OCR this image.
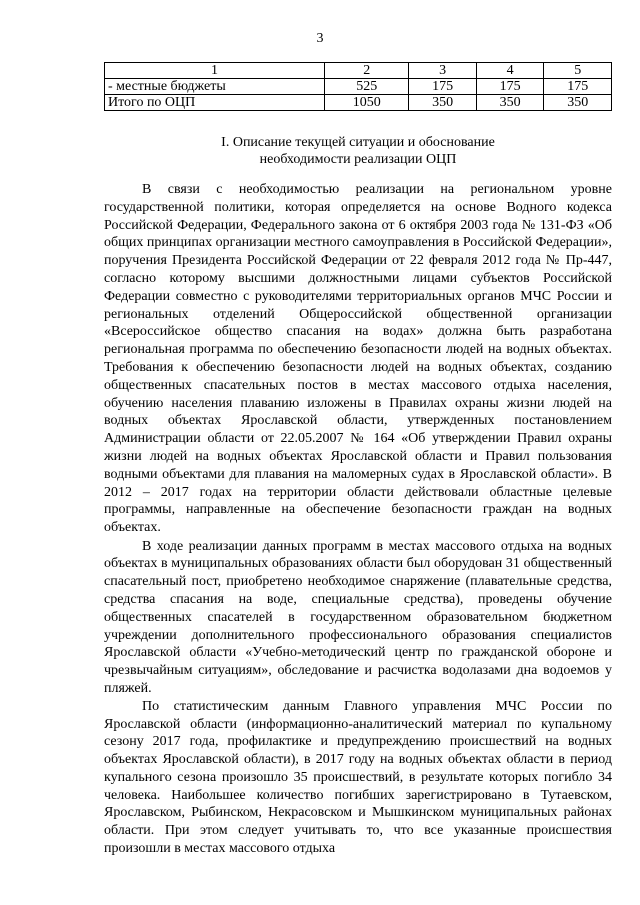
3
1	2	3	4	5
- местные бюджеты	525	175	175	175
Итого по ОЦП	1050	350	350	350
I. Описание текущей ситуации и обоснование
необходимости реализации ОЦП

В связи с необходимостью реализации на региональном уровне государственной политики, которая определяется на основе Водного кодекса Российской Федерации, Федерального закона от 6 октября 2003 года № 131-ФЗ «Об общих принципах организации местного самоуправления в Российской Федерации», поручения Президента Российской Федерации от 22 февраля 2012 года № Пр-447, согласно которому высшими должностными лицами субъектов Российской Федерации совместно с руководителями территориальных органов МЧС России и региональных отделений Общероссийской общественной организации «Всероссийское общество спасания на водах» должна быть разработана региональная программа по обеспечению безопасности людей на водных объектах. Требования к обеспечению безопасности людей на водных объектах, созданию общественных спасательных постов в местах массового отдыха населения, обучению населения плаванию изложены в Правилах охраны жизни людей на водных объектах Ярославской области, утвержденных постановлением Администрации области от 22.05.2007 № 164 «Об утверждении Правил охраны жизни людей на водных объектах Ярославской области и Правил пользования водными объектами для плавания на маломерных судах в Ярославской области». В 2012 – 2017 годах на территории области действовали областные целевые программы, направленные на обеспечение безопасности граждан на водных объектах.

В ходе реализации данных программ в местах массового отдыха на водных объектах в муниципальных образованиях области был оборудован 31 общественный спасательный пост, приобретено необходимое снаряжение (плавательные средства, средства спасания на воде, специальные средства), проведены обучение общественных спасателей в государственном образовательном бюджетном учреждении дополнительного профессионального образования специалистов Ярославской области «Учебно-методический центр по гражданской обороне и чрезвычайным ситуациям», обследование и расчистка водолазами дна водоемов у пляжей.

По статистическим данным Главного управления МЧС России по Ярославской области (информационно-аналитический материал по купальному сезону 2017 года, профилактике и предупреждению происшествий на водных объектах Ярославской области), в 2017 году на водных объектах области в период купального сезона произошло 35 происшествий, в результате которых погибло 34 человека. Наибольшее количество погибших зарегистрировано в Тутаевском, Ярославском, Рыбинском, Некрасовском и Мышкинском муниципальных районах области. При этом следует учитывать то, что все указанные происшествия произошли в местах массового отдыха
